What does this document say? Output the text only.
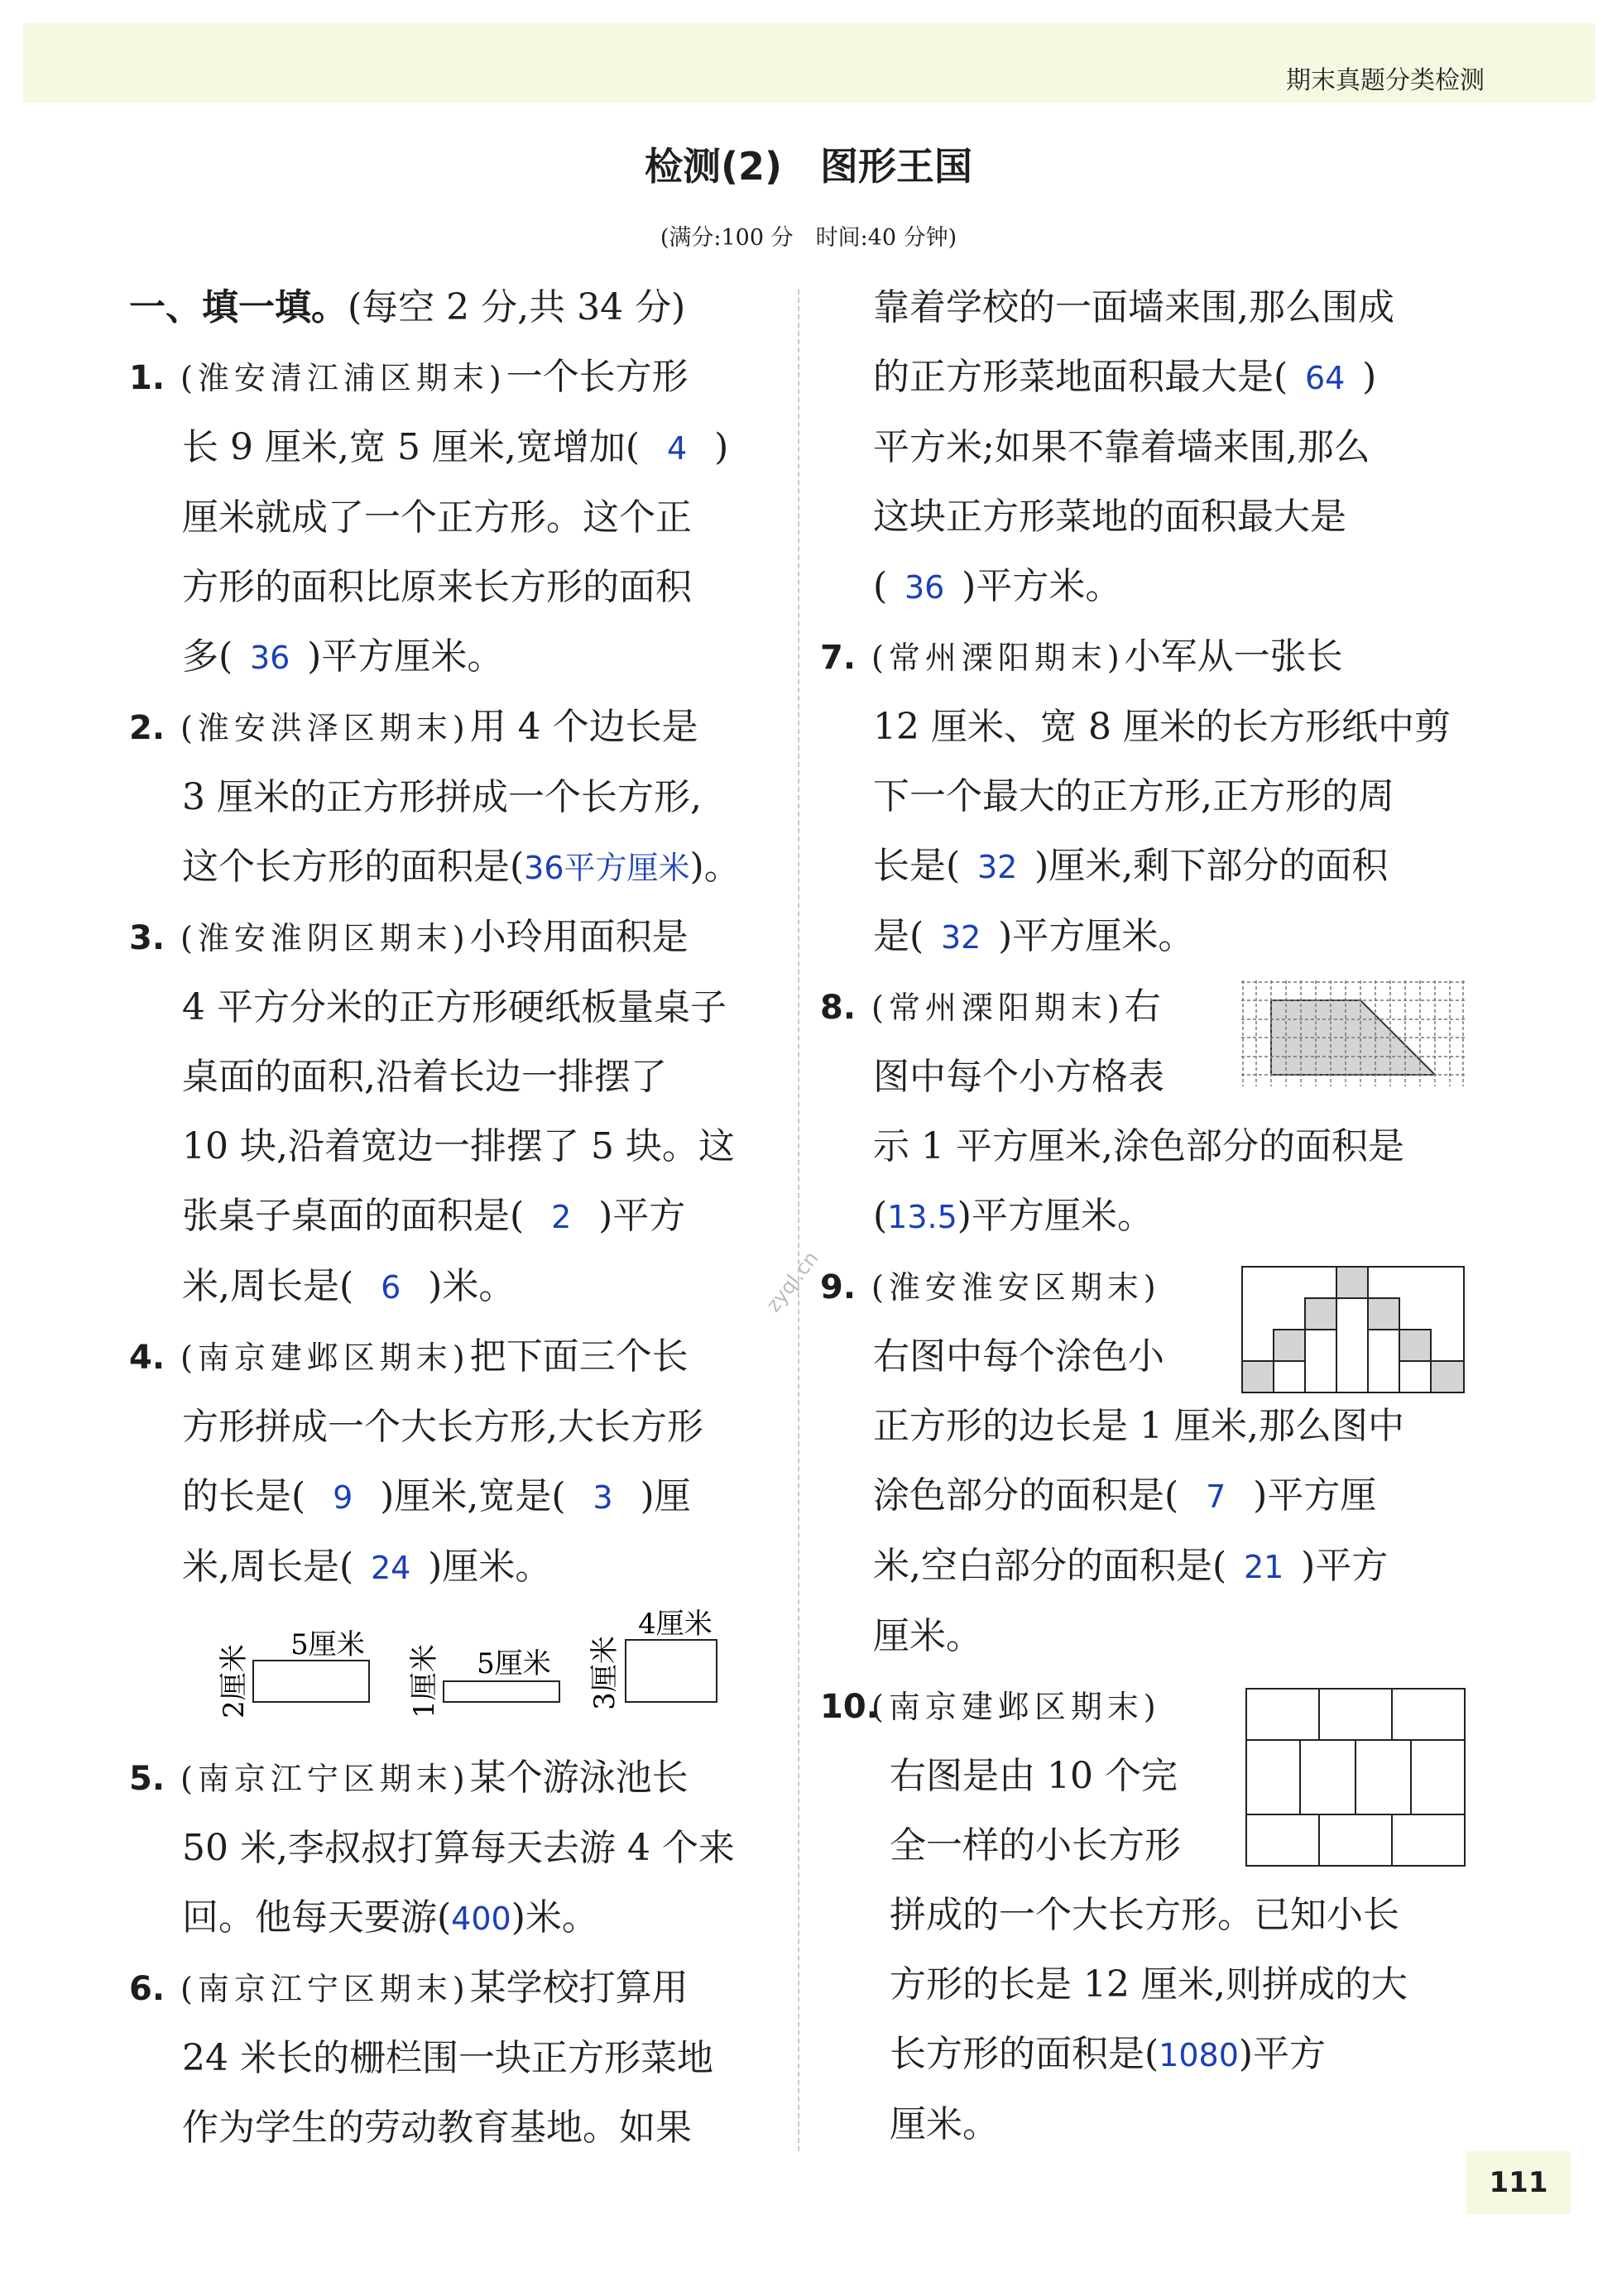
期末真题分类检测
检测(2)　图形王国
(满分:100 分　时间:40 分钟)
zyql.cn
一、填一填。(每空 2 分,共 34 分)
1. (淮安清江浦区期末)一个长方形
长 9 厘米,宽 5 厘米,宽增加( 4 )
厘米就成了一个正方形。这个正
方形的面积比原来长方形的面积
多( 36 )平方厘米。
2. (淮安洪泽区期末)用 4 个边长是
3 厘米的正方形拼成一个长方形,
这个长方形的面积是(36平方厘米)。
3. (淮安淮阴区期末)小玲用面积是
4 平方分米的正方形硬纸板量桌子
桌面的面积,沿着长边一排摆了
10 块,沿着宽边一排摆了 5 块。这
张桌子桌面的面积是( 2 )平方
米,周长是( 6 )米。
4. (南京建邺区期末)把下面三个长
方形拼成一个大长方形,大长方形
的长是( 9 )厘米,宽是( 3 )厘
米,周长是( 24 )厘米。
5厘米
2厘米	5厘米
1厘米
4厘米
3厘米
5. (南京江宁区期末)某个游泳池长
50 米,李叔叔打算每天去游 4 个来
回。他每天要游(400)米。
6. (南京江宁区期末)某学校打算用
24 米长的栅栏围一块正方形菜地
作为学生的劳动教育基地。如果
靠着学校的一面墙来围,那么围成
的正方形菜地面积最大是( 64 )
平方米;如果不靠着墙来围,那么
这块正方形菜地的面积最大是
( 36 )平方米。
7. (常州溧阳期末)小军从一张长
12 厘米、宽 8 厘米的长方形纸中剪
下一个最大的正方形,正方形的周
长是( 32 )厘米,剩下部分的面积
是( 32 )平方厘米。
8. (常州溧阳期末)右
图中每个小方格表
示 1 平方厘米,涂色部分的面积是
(13.5)平方厘米。
9. (淮安淮安区期末)
右图中每个涂色小
正方形的边长是 1 厘米,那么图中
涂色部分的面积是( 7 )平方厘
米,空白部分的面积是( 21 )平方
厘米。
10.(南京建邺区期末)
右图是由 10 个完
全一样的小长方形
拼成的一个大长方形。已知小长
方形的长是 12 厘米,则拼成的大
长方形的面积是(1080)平方
厘米。
111
